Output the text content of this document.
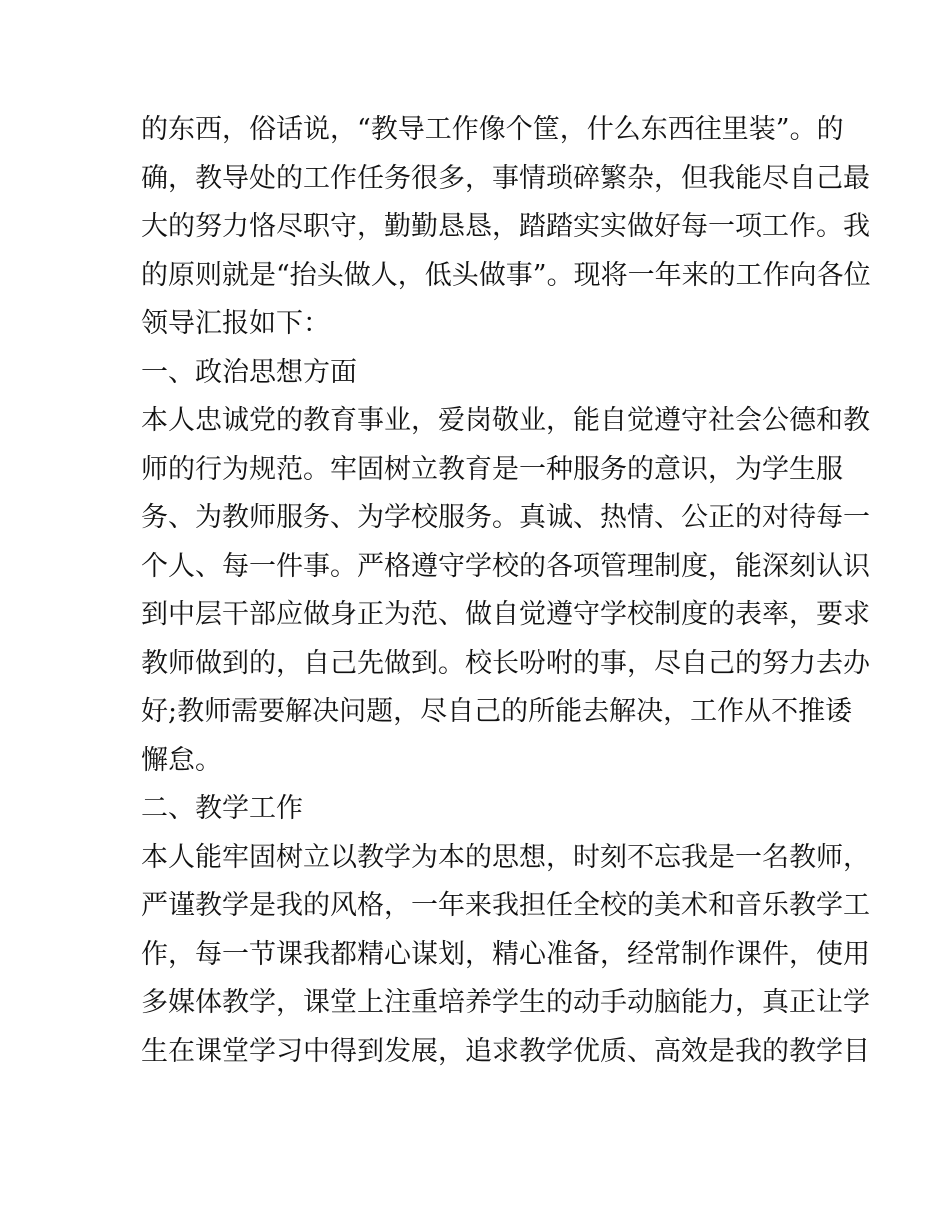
的东西，俗话说，“教导工作像个筐，什么东西往里装”。的
确，教导处的工作任务很多，事情琐碎繁杂，但我能尽自己最
大的努力恪尽职守，勤勤恳恳，踏踏实实做好每一项工作。我
的原则就是“抬头做人，低头做事”。现将一年来的工作向各位
领导汇报如下：
一、政治思想方面
本人忠诚党的教育事业，爱岗敬业，能自觉遵守社会公德和教
师的行为规范。牢固树立教育是一种服务的意识，为学生服
务、为教师服务、为学校服务。真诚、热情、公正的对待每一
个人、每一件事。严格遵守学校的各项管理制度，能深刻认识
到中层干部应做身正为范、做自觉遵守学校制度的表率，要求
教师做到的，自己先做到。校长吩咐的事，尽自己的努力去办
好;教师需要解决问题，尽自己的所能去解决，工作从不推诿
懈怠。
二、教学工作
本人能牢固树立以教学为本的思想，时刻不忘我是一名教师，
严谨教学是我的风格，一年来我担任全校的美术和音乐教学工
作，每一节课我都精心谋划，精心准备，经常制作课件，使用
多媒体教学，课堂上注重培养学生的动手动脑能力，真正让学
生在课堂学习中得到发展，追求教学优质、高效是我的教学目
